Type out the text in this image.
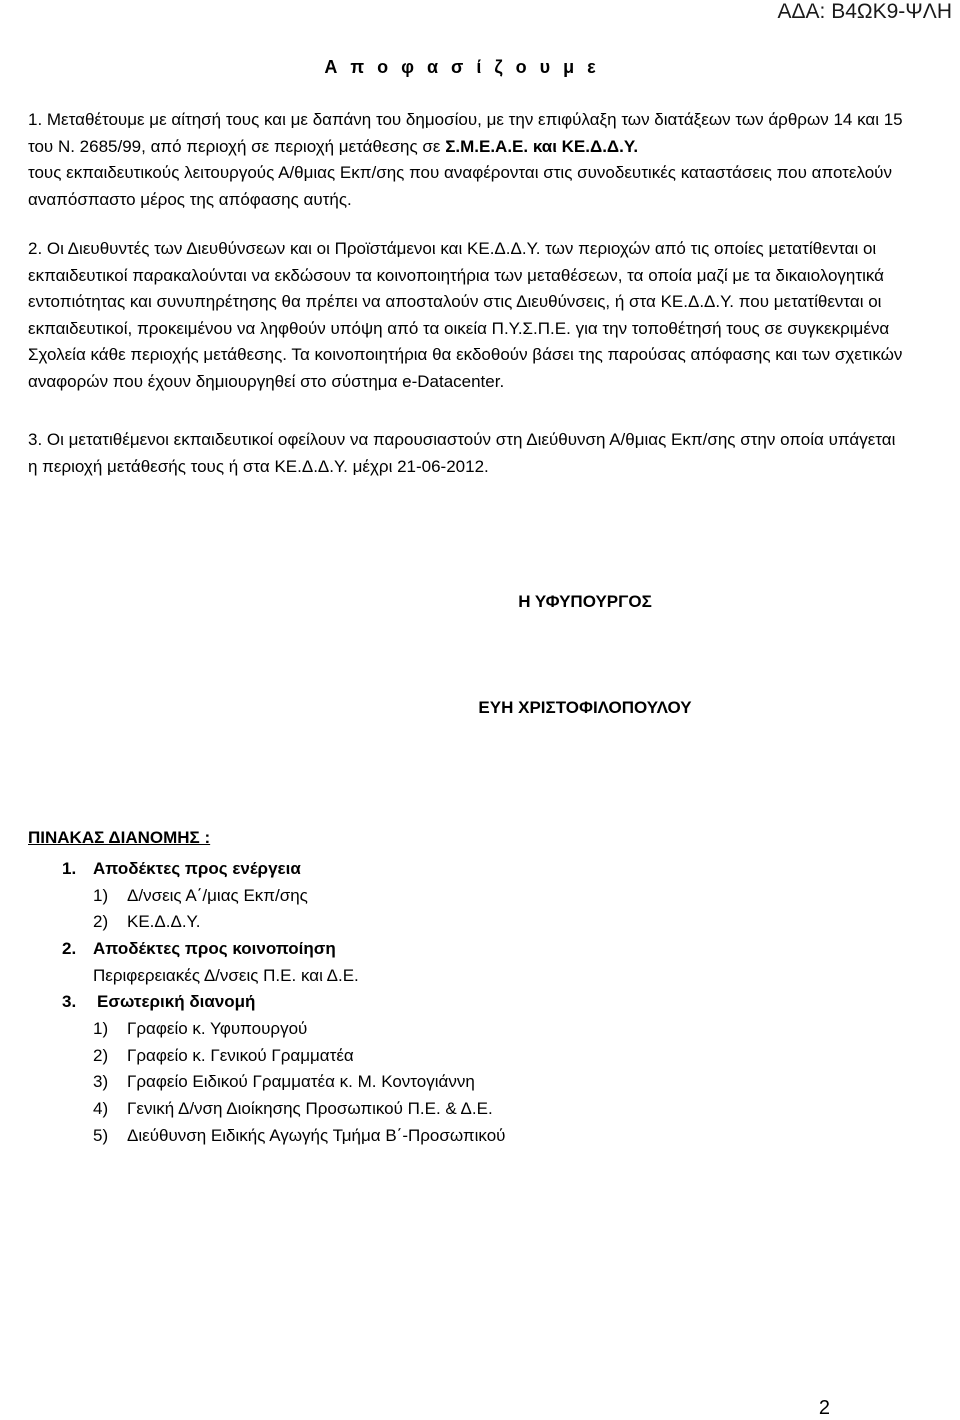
ΑΔΑ: Β4ΩΚ9-ΨΛΗ
Α π ο φ α σ ί ζ ο υ μ ε

1. Μεταθέτουμε με αίτησή τους και με δαπάνη του δημοσίου, με την επιφύλαξη των διατάξεων των άρθρων 14 και 15 του Ν. 2685/99, από περιοχή σε περιοχή μετάθεσης σε Σ.Μ.Ε.Α.Ε. και ΚΕ.Δ.Δ.Υ.
τους εκπαιδευτικούς λειτουργούς Α/θμιας Εκπ/σης που αναφέρονται στις συνοδευτικές καταστάσεις που αποτελούν αναπόσπαστο μέρος της απόφασης αυτής.

2. Οι Διευθυντές των Διευθύνσεων και οι Προϊστάμενοι και ΚΕ.Δ.Δ.Υ. των περιοχών από τις οποίες μετατίθενται οι εκπαιδευτικοί παρακαλούνται να εκδώσουν τα κοινοποιητήρια των μεταθέσεων, τα οποία μαζί με τα δικαιολογητικά εντοπιότητας και συνυπηρέτησης θα πρέπει να αποσταλούν στις Διευθύνσεις, ή στα ΚΕ.Δ.Δ.Υ. που μετατίθενται οι εκπαιδευτικοί, προκειμένου να ληφθούν υπόψη από τα οικεία Π.Υ.Σ.Π.Ε. για την τοποθέτησή τους σε συγκεκριμένα Σχολεία κάθε περιοχής μετάθεσης. Τα κοινοποιητήρια θα εκδοθούν βάσει της παρούσας απόφασης και των σχετικών αναφορών που έχουν δημιουργηθεί στο σύστημα e-Datacenter.

3. Οι μετατιθέμενοι εκπαιδευτικοί οφείλουν να παρουσιαστούν στη Διεύθυνση Α/θμιας Εκπ/σης στην οποία υπάγεται η περιοχή μετάθεσής τους ή στα ΚΕ.Δ.Δ.Υ. μέχρι 21-06-2012.

Η ΥΦΥΠΟΥΡΓΟΣ
ΕΥΗ ΧΡΙΣΤΟΦΙΛΟΠΟΥΛΟΥ
ΠΙΝΑΚΑΣ ΔΙΑΝΟΜΗΣ :
1. Αποδέκτες προς ενέργεια
1) Δ/νσεις Α΄/μιας Εκπ/σης
2) ΚΕ.Δ.Δ.Υ.
2. Αποδέκτες προς κοινοποίηση
Περιφερειακές Δ/νσεις Π.Ε. και Δ.Ε.
3. Εσωτερική διανομή
1) Γραφείο κ. Υφυπουργού
2) Γραφείο κ. Γενικού Γραμματέα
3) Γραφείο Ειδικού Γραμματέα κ. Μ. Κοντογιάννη
4) Γενική Δ/νση Διοίκησης Προσωπικού Π.Ε. & Δ.Ε.
5) Διεύθυνση Ειδικής Αγωγής Τμήμα Β΄-Προσωπικού
2
